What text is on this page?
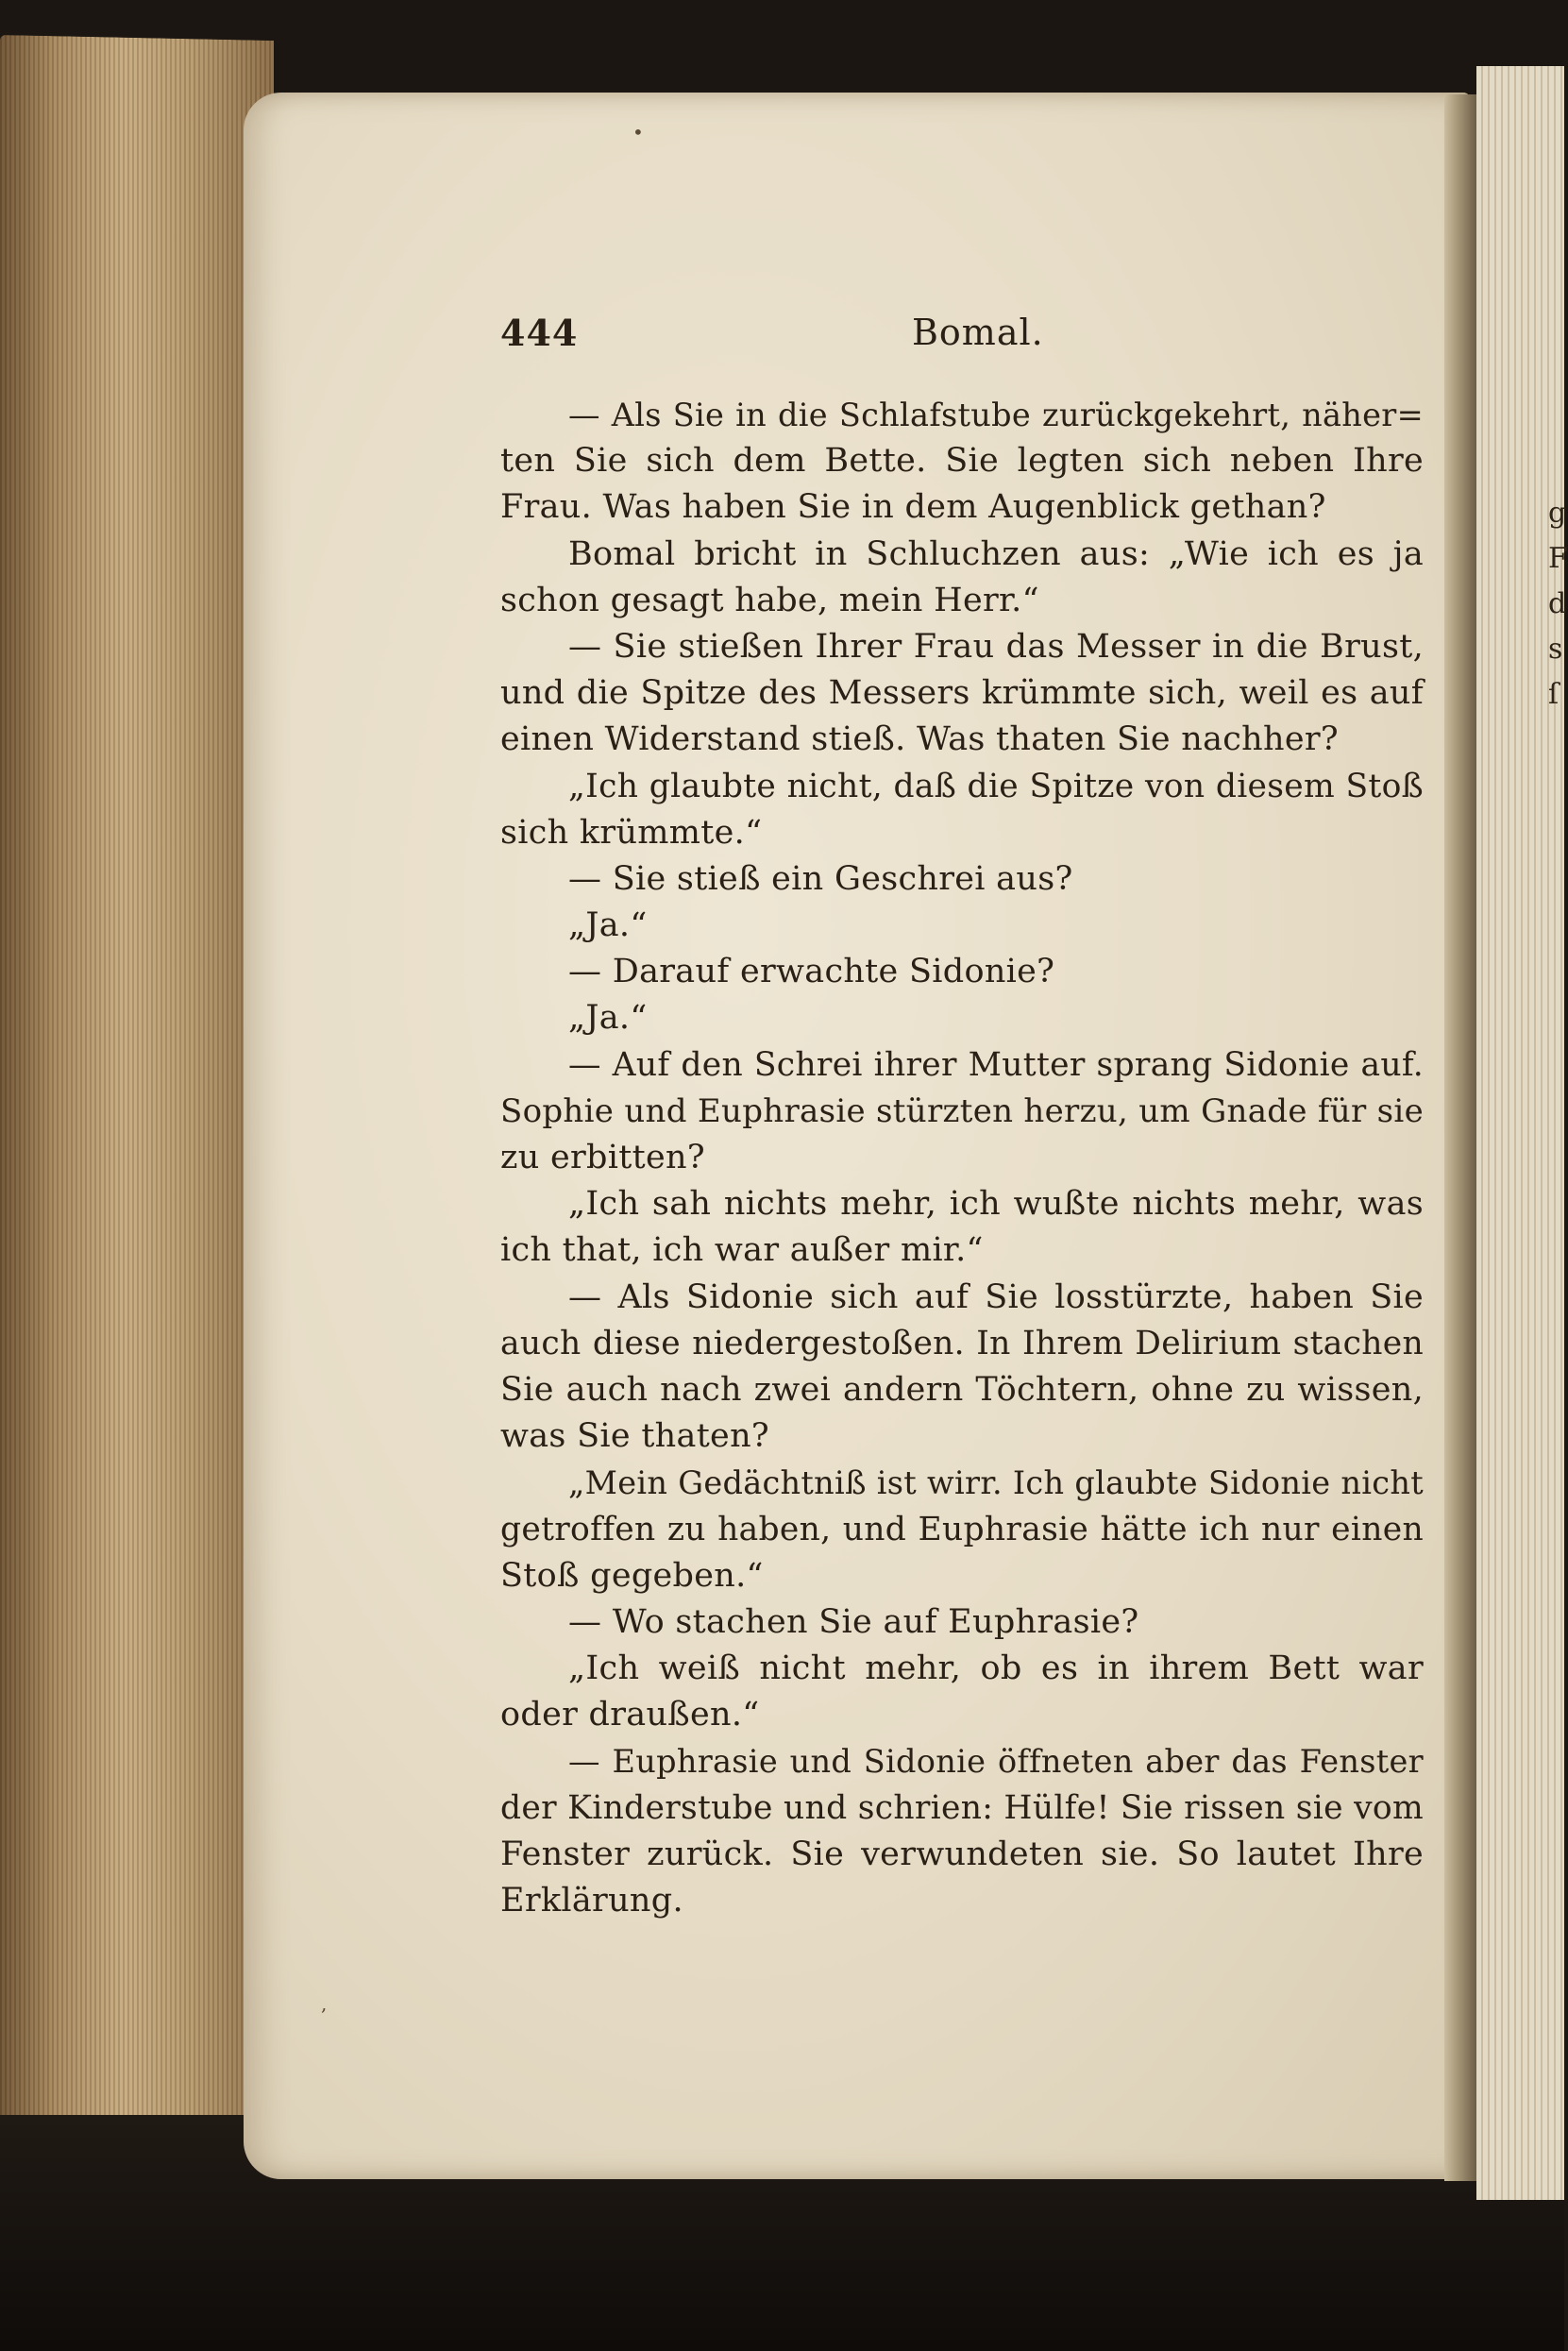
g F d s ſ
444	Bomal.
— Als Sie in die Schlafstube zurückgekehrt, näher=
ten Sie sich dem Bette. Sie legten sich neben Ihre
Frau. Was haben Sie in dem Augenblick gethan?
Bomal bricht in Schluchzen aus: „Wie ich es ja
schon gesagt habe, mein Herr.“
— Sie stießen Ihrer Frau das Messer in die Brust,
und die Spitze des Messers krümmte sich, weil es auf
einen Widerstand stieß. Was thaten Sie nachher?
„Ich glaubte nicht, daß die Spitze von diesem Stoß
sich krümmte.“
— Sie stieß ein Geschrei aus?
„Ja.“
— Darauf erwachte Sidonie?
„Ja.“
— Auf den Schrei ihrer Mutter sprang Sidonie auf.
Sophie und Euphrasie stürzten herzu, um Gnade für sie
zu erbitten?
„Ich sah nichts mehr, ich wußte nichts mehr, was
ich that, ich war außer mir.“
— Als Sidonie sich auf Sie losstürzte, haben Sie
auch diese niedergestoßen. In Ihrem Delirium stachen
Sie auch nach zwei andern Töchtern, ohne zu wissen,
was Sie thaten?
„Mein Gedächtniß ist wirr. Ich glaubte Sidonie nicht
getroffen zu haben, und Euphrasie hätte ich nur einen
Stoß gegeben.“
— Wo stachen Sie auf Euphrasie?
„Ich weiß nicht mehr, ob es in ihrem Bett war
oder draußen.“
— Euphrasie und Sidonie öffneten aber das Fenster
der Kinderstube und schrien: Hülfe! Sie rissen sie vom
Fenster zurück. Sie verwundeten sie. So lautet Ihre
Erklärung.
•
,
